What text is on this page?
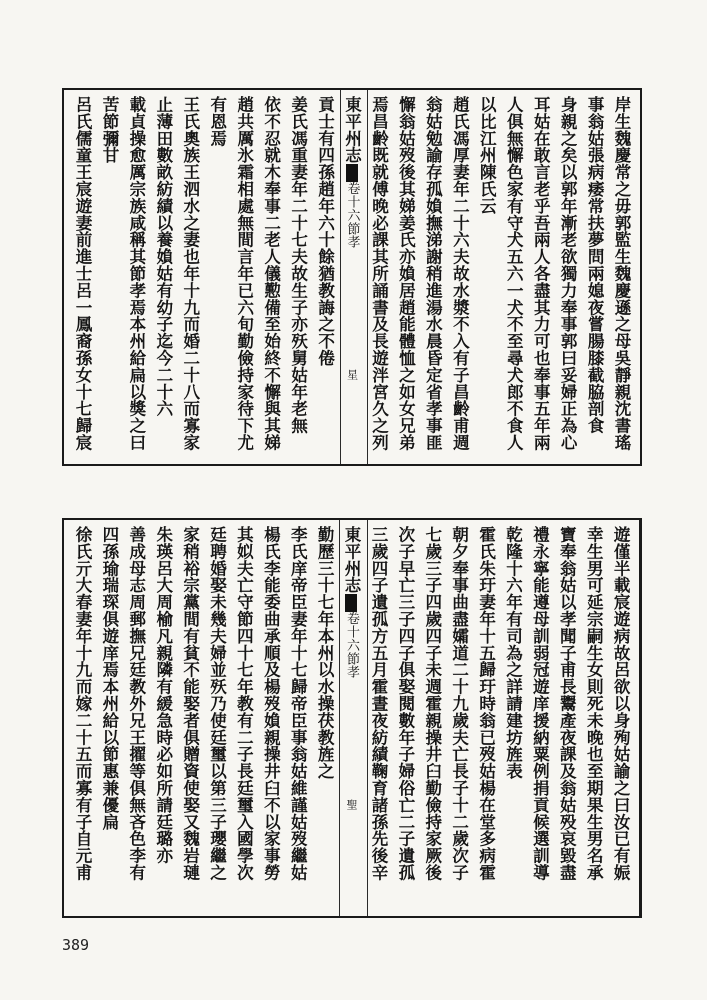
岸生魏慶常之毋郭監生魏慶遜之母吳靜親沈書瑤
事翁姑張病痿常扶夢問兩媳夜嘗腸膝截脇剖食
身親之矣以郭年漸老欲獨力奉事郭曰妥婦正為心
耳姑在敢言老乎吾兩人各盡其力可也奉事五年兩
人俱無懈色家有守犬五六一犬不至尋犬郎不食人
以比江州陳氏云
趙氏馮厚妻年二十六夫故水漿不入有子昌齡甫週
翁姑勉諭存孤媍撫涕謝稍進湯水晨昏定省孝事匪
懈翁姑歿後其娣姜氏亦媍居趙能體恤之如女兄弟
焉昌齡既就傅晚必課其所誦書及長遊泮宮久之列
東平州志卷十六節孝星
貢士有四孫趙年六十餘猶教誨之不倦
姜氏馮重妻年二十七夫故生子亦殀舅姑年老無
依不忍就木奉事二老人儀懃備至始終不懈與其娣
趙共厲氷霜相處無間言年已六旬勤儉持家待下尤
有恩焉
王氏奧族王泗水之妻也年十九而婚二十八而寡家
止薄田數畝紡績以養媍姑有幼子迄今二十六
載貞操愈厲宗族咸稱其節孝焉本州給扁以獎之曰
苦節彌甘
呂氏儒童王宸遊妻前進士呂一鳳裔孫女十七歸宸
遊僅半載宸遊病故呂欲以身殉姑諭之曰汝已有娠
幸生男可延宗嗣生女則死未晚也至期果生男名承
寶奉翁姑以孝聞子甫長鬻產夜課及翁姑殁哀毀盡
禮永寧能遵母訓弱冠遊庠援納粟例捐貢候選訓導
乾隆十六年有司為之詳請建坊旌表
霍氏朱玗妻年十五歸玗時翁已歿姑楊在堂多病霍
朝夕奉事曲盡孀道二十九歲夫亡長子十二歲次子
七歲三子四歲四子未週霍親操井臼勤儉持家厥後
次子早亡三子四子俱娶閱數年子婦俗亡二子遺孤
三歲四子遺孤方五月霍晝夜紡績鞠育諸孫先後辛
東平州志卷十六節孝聖
勤歷三十七年本州以水操茯教旌之
李氏庠帝臣妻年十七歸帝臣事翁姑維謹姑歿繼姑
楊氏李能委曲承順及楊歿媍親操井臼不以家事勞
其姒夫亡守節四十七年教有二子長廷璽入國學次
廷聘婚娶未幾夫婦並殀乃使廷璽以第三子瓔繼之
家稍裕宗黨間有貧不能娶者俱贈資使娶又魏岩璉
朱瑛呂大周榆凡親隣有緩急時必如所請廷璐亦
善成母志周郵撫兄廷教外兄王擢等俱無吝色李有
四孫瑜瑞琛俱遊庠焉本州給以節惠兼優扁
徐氏亓大春妻年十九而嫁二十五而寡有子自元甫
389
